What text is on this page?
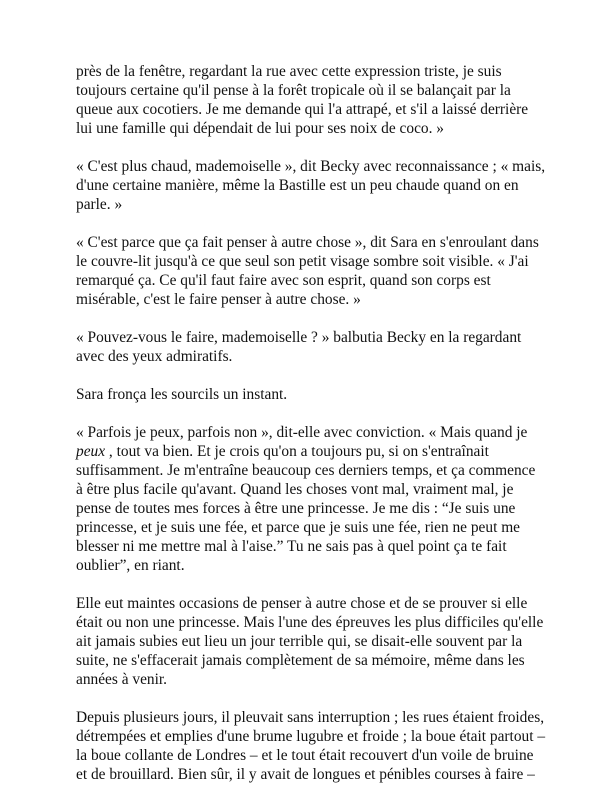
près de la fenêtre, regardant la rue avec cette expression triste, je suis
toujours certaine qu'il pense à la forêt tropicale où il se balançait par la
queue aux cocotiers. Je me demande qui l'a attrapé, et s'il a laissé derrière
lui une famille qui dépendait de lui pour ses noix de coco. »

« C'est plus chaud, mademoiselle », dit Becky avec reconnaissance ; « mais,
d'une certaine manière, même la Bastille est un peu chaude quand on en
parle. »

« C'est parce que ça fait penser à autre chose », dit Sara en s'enroulant dans
le couvre-lit jusqu'à ce que seul son petit visage sombre soit visible. « J'ai
remarqué ça. Ce qu'il faut faire avec son esprit, quand son corps est
misérable, c'est le faire penser à autre chose. »

« Pouvez-vous le faire, mademoiselle ? » balbutia Becky en la regardant
avec des yeux admiratifs.

Sara fronça les sourcils un instant.

« Parfois je peux, parfois non », dit-elle avec conviction. « Mais quand je
peux , tout va bien. Et je crois qu'on a toujours pu, si on s'entraînait
suffisamment. Je m'entraîne beaucoup ces derniers temps, et ça commence
à être plus facile qu'avant. Quand les choses vont mal, vraiment mal, je
pense de toutes mes forces à être une princesse. Je me dis : “Je suis une
princesse, et je suis une fée, et parce que je suis une fée, rien ne peut me
blesser ni me mettre mal à l'aise.” Tu ne sais pas à quel point ça te fait
oublier”, en riant.

Elle eut maintes occasions de penser à autre chose et de se prouver si elle
était ou non une princesse. Mais l'une des épreuves les plus difficiles qu'elle
ait jamais subies eut lieu un jour terrible qui, se disait-elle souvent par la
suite, ne s'effacerait jamais complètement de sa mémoire, même dans les
années à venir.

Depuis plusieurs jours, il pleuvait sans interruption ; les rues étaient froides,
détrempées et emplies d'une brume lugubre et froide ; la boue était partout –
la boue collante de Londres – et le tout était recouvert d'un voile de bruine
et de brouillard. Bien sûr, il y avait de longues et pénibles courses à faire –
